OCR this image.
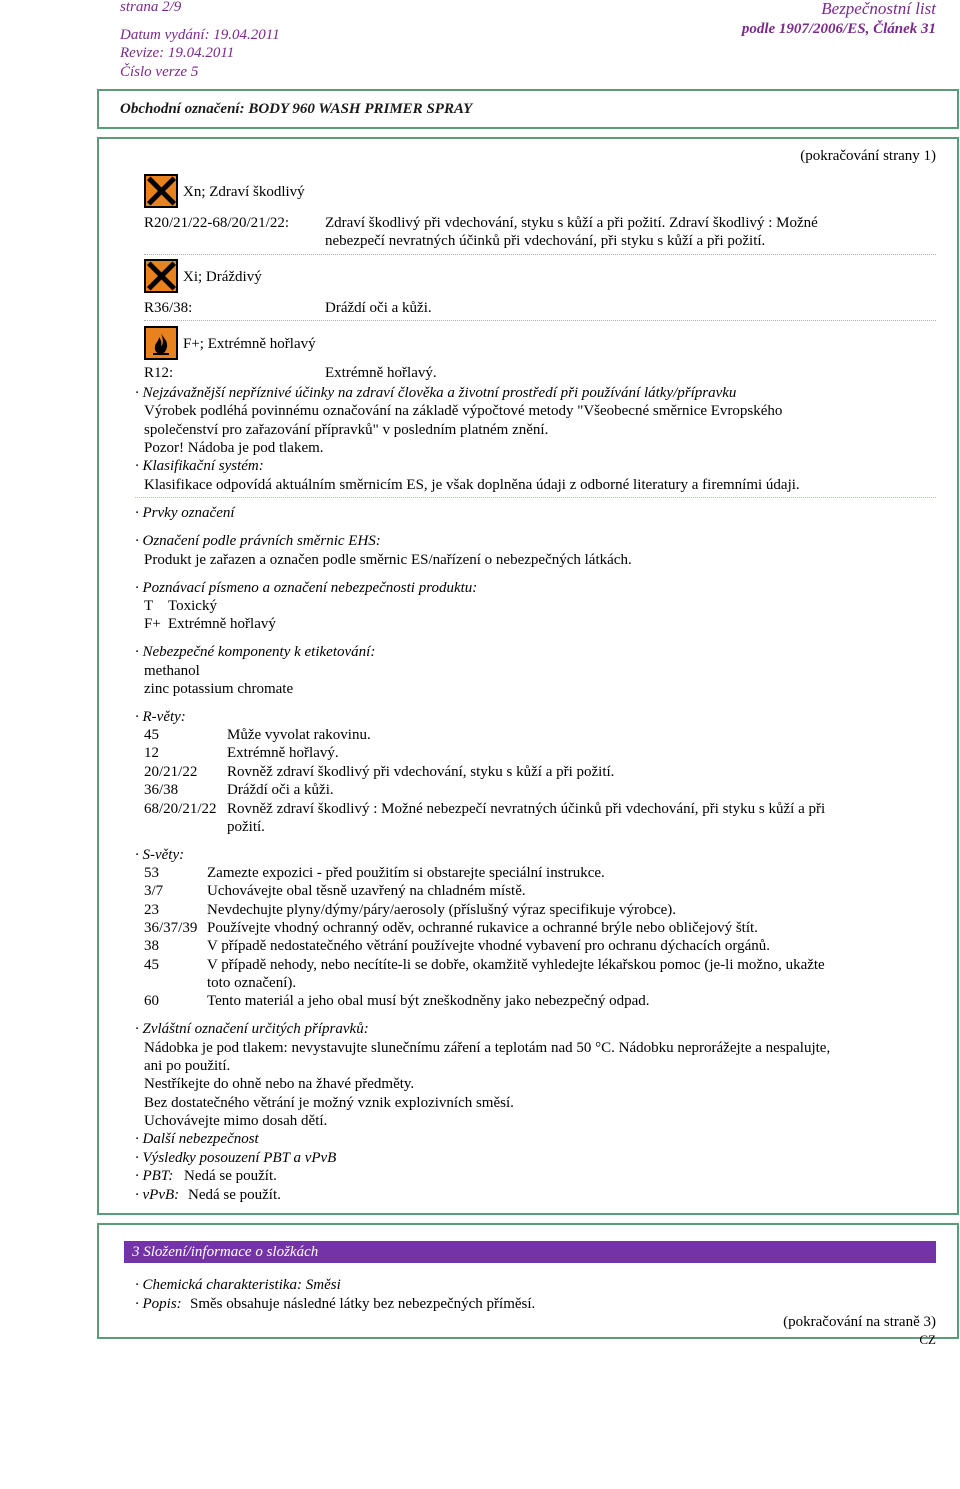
strana 2/9	Bezpečnostní list
Datum vydání: 19.04.2011	podle 1907/2006/ES, Článek 31
Revize: 19.04.2011
Číslo verze 5
Obchodní označení: BODY 960 WASH PRIMER SPRAY
(pokračování strany 1)
Xn; Zdraví škodlivý
R20/21/22-68/20/21/22: Zdraví škodlivý při vdechování, styku s kůží a při požití. Zdraví škodlivý : Možné
nebezpečí nevratných účinků při vdechování, při styku s kůží a při požití.
Xi; Dráždivý
R36/38:	Dráždí oči a kůži.
F+; Extrémně hořlavý
R12:	Extrémně hořlavý.
· Nejzávažnější nepříznivé účinky na zdraví člověka a životní prostředí při používání látky/přípravku
Výrobek podléhá povinnému označování na základě výpočtové metody "Všeobecné směrnice Evropského
společenství pro zařazování přípravků" v posledním platném znění.
Pozor! Nádoba je pod tlakem.
· Klasifikační systém:
Klasifikace odpovídá aktuálním směrnicím ES, je však doplněna údaji z odborné literatury a firemními údaji.
· Prvky označení
· Označení podle právních směrnic EHS:
Produkt je zařazen a označen podle směrnic ES/nařízení o nebezpečných látkách.
· Poznávací písmeno a označení nebezpečnosti produktu:
T Toxický
F+ Extrémně hořlavý
· Nebezpečné komponenty k etiketování:
methanol
zinc potassium chromate
· R-věty:
45	Může vyvolat rakovinu.
12	Extrémně hořlavý.
20/21/22 Rovněž zdraví škodlivý při vdechování, styku s kůží a při požití.
36/38	Dráždí oči a kůži.
68/20/21/22 Rovněž zdraví škodlivý : Možné nebezpečí nevratných účinků při vdechování, při styku s kůží a při
požití.
· S-věty:
53	Zamezte expozici - před použitím si obstarejte speciální instrukce.
3/7	Uchovávejte obal těsně uzavřený na chladném místě.
23	Nevdechujte plyny/dýmy/páry/aerosoly (příslušný výraz specifikuje výrobce).
36/37/39 Používejte vhodný ochranný oděv, ochranné rukavice a ochranné brýle nebo obličejový štít.
38	V případě nedostatečného větrání používejte vhodné vybavení pro ochranu dýchacích orgánů.
45	V případě nehody, nebo necítíte-li se dobře, okamžitě vyhledejte lékařskou pomoc (je-li možno, ukažte
toto označení).
60	Tento materiál a jeho obal musí být zneškodněny jako nebezpečný odpad.
· Zvláštní označení určitých přípravků:
Nádobka je pod tlakem: nevystavujte slunečnímu záření a teplotám nad 50 °C. Nádobku neprorážejte a nespalujte,
ani po použití.
Nestříkejte do ohně nebo na žhavé předměty.
Bez dostatečného větrání je možný vznik explozivních směsí.
Uchovávejte mimo dosah dětí.
· Další nebezpečnost
· Výsledky posouzení PBT a vPvB
· PBT: Nedá se použít.
· vPvB: Nedá se použít.
3 Složení/informace o složkách
· Chemická charakteristika: Směsi
· Popis: Směs obsahuje následné látky bez nebezpečných příměsí.
(pokračování na straně 3)
CZ
